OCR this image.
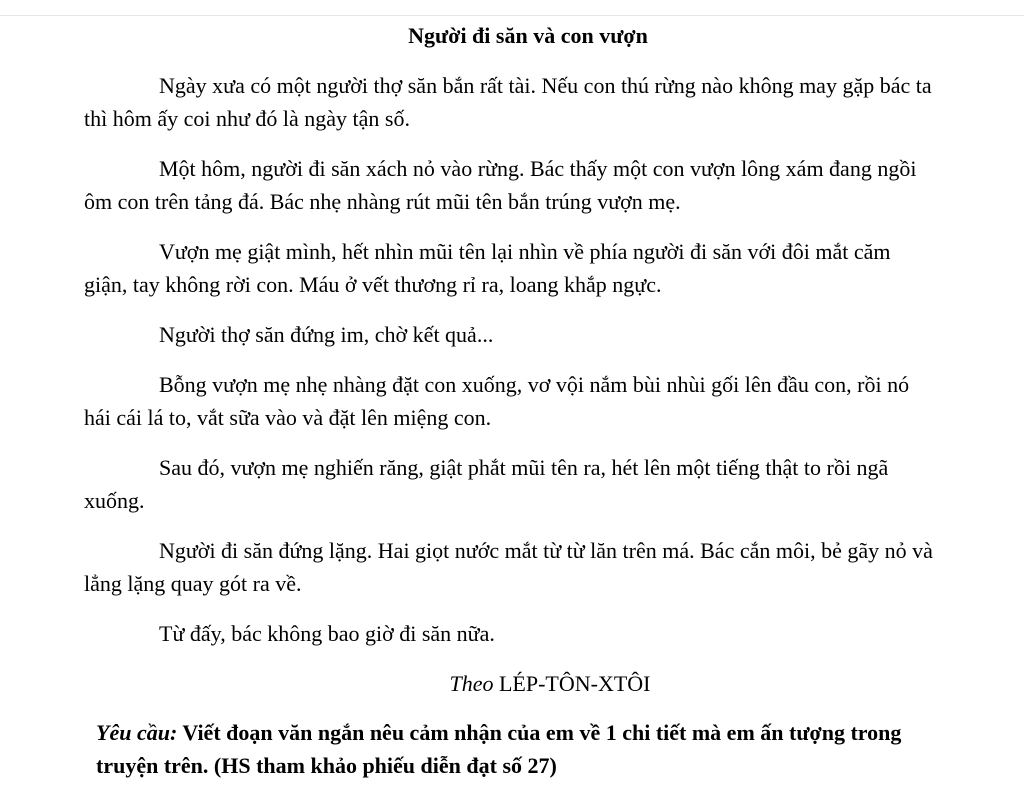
Người đi săn và con vượn

Ngày xưa có một người thợ săn bắn rất tài. Nếu con thú rừng nào không may gặp bác ta thì hôm ấy coi như đó là ngày tận số.

Một hôm, người đi săn xách nỏ vào rừng. Bác thấy một con vượn lông xám đang ngồi ôm con trên tảng đá. Bác nhẹ nhàng rút mũi tên bắn trúng vượn mẹ.

Vượn mẹ giật mình, hết nhìn mũi tên lại nhìn về phía người đi săn với đôi mắt căm giận, tay không rời con. Máu ở vết thương rỉ ra, loang khắp ngực.

Người thợ săn đứng im, chờ kết quả...

Bỗng vượn mẹ nhẹ nhàng đặt con xuống, vơ vội nắm bùi nhùi gối lên đầu con, rồi nó hái cái lá to, vắt sữa vào và đặt lên miệng con.

Sau đó, vượn mẹ nghiến răng, giật phắt mũi tên ra, hét lên một tiếng thật to rồi ngã xuống.

Người đi săn đứng lặng. Hai giọt nước mắt từ từ lăn trên má. Bác cắn môi, bẻ gãy nỏ và lẳng lặng quay gót ra về.

Từ đấy, bác không bao giờ đi săn nữa.

Theo LÉP-TÔN-XTÔI
Yêu cầu: Viết đoạn văn ngắn nêu cảm nhận của em về 1 chi tiết mà em ấn tượng trong truyện trên. (HS tham khảo phiếu diễn đạt số 27)
